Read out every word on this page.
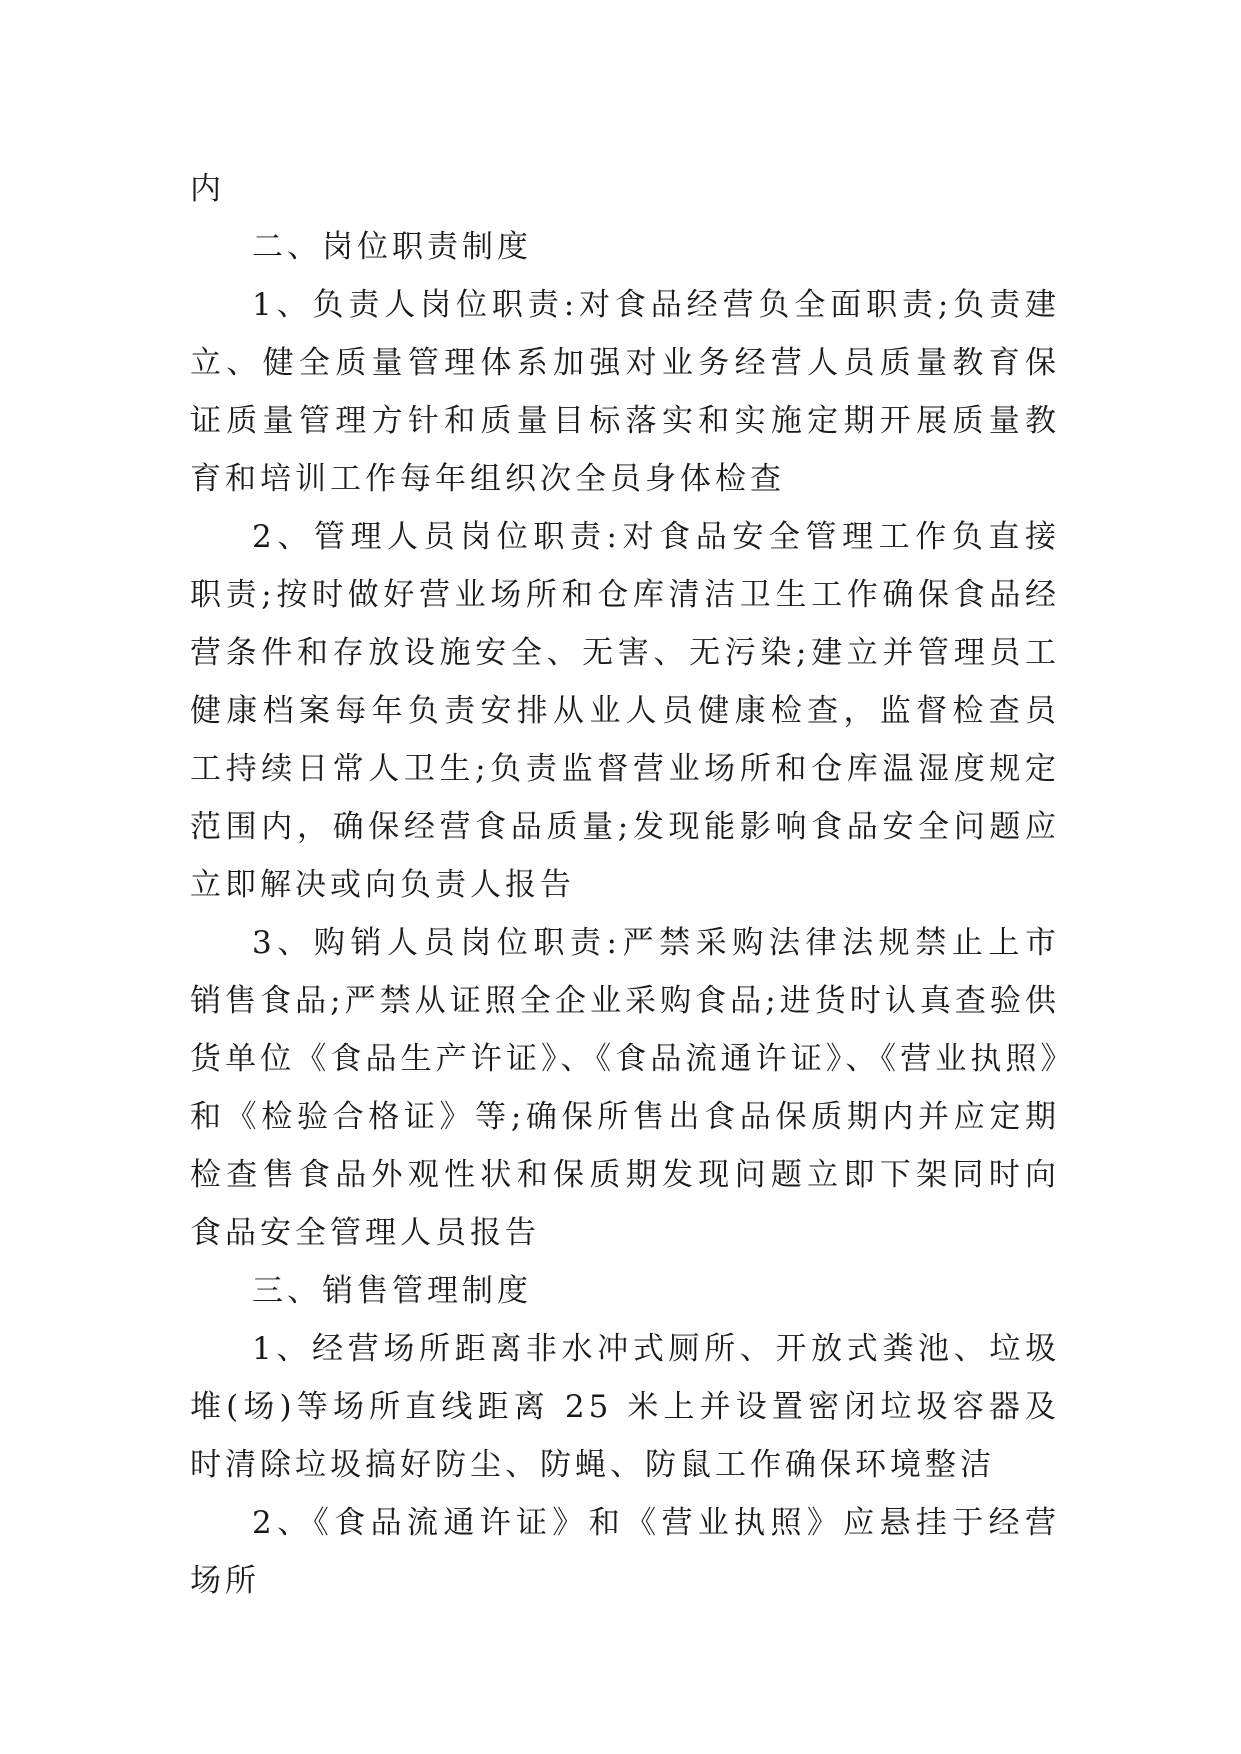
内

二、岗位职责制度

1、负责人岗位职责:对食品经营负全面职责;负责建立、健全质量管理体系加强对业务经营人员质量教育保证质量管理方针和质量目标落实和实施定期开展质量教育和培训工作每年组织次全员身体检查

2、管理人员岗位职责:对食品安全管理工作负直接职责;按时做好营业场所和仓库清洁卫生工作确保食品经营条件和存放设施安全、无害、无污染;建立并管理员工健康档案每年负责安排从业人员健康检查，监督检查员工持续日常人卫生;负责监督营业场所和仓库温湿度规定范围内，确保经营食品质量;发现能影响食品安全问题应立即解决或向负责人报告

3、购销人员岗位职责:严禁采购法律法规禁止上市销售食品;严禁从证照全企业采购食品;进货时认真查验供货单位《食品生产许证》、《食品流通许证》、《营业执照》和《检验合格证》等;确保所售出食品保质期内并应定期检查售食品外观性状和保质期发现问题立即下架同时向食品安全管理人员报告

三、销售管理制度

1、经营场所距离非水冲式厕所、开放式粪池、垃圾堆(场)等场所直线距离 25 米上并设置密闭垃圾容器及时清除垃圾搞好防尘、防蝇、防鼠工作确保环境整洁

2、《食品流通许证》和《营业执照》应悬挂于经营场所
